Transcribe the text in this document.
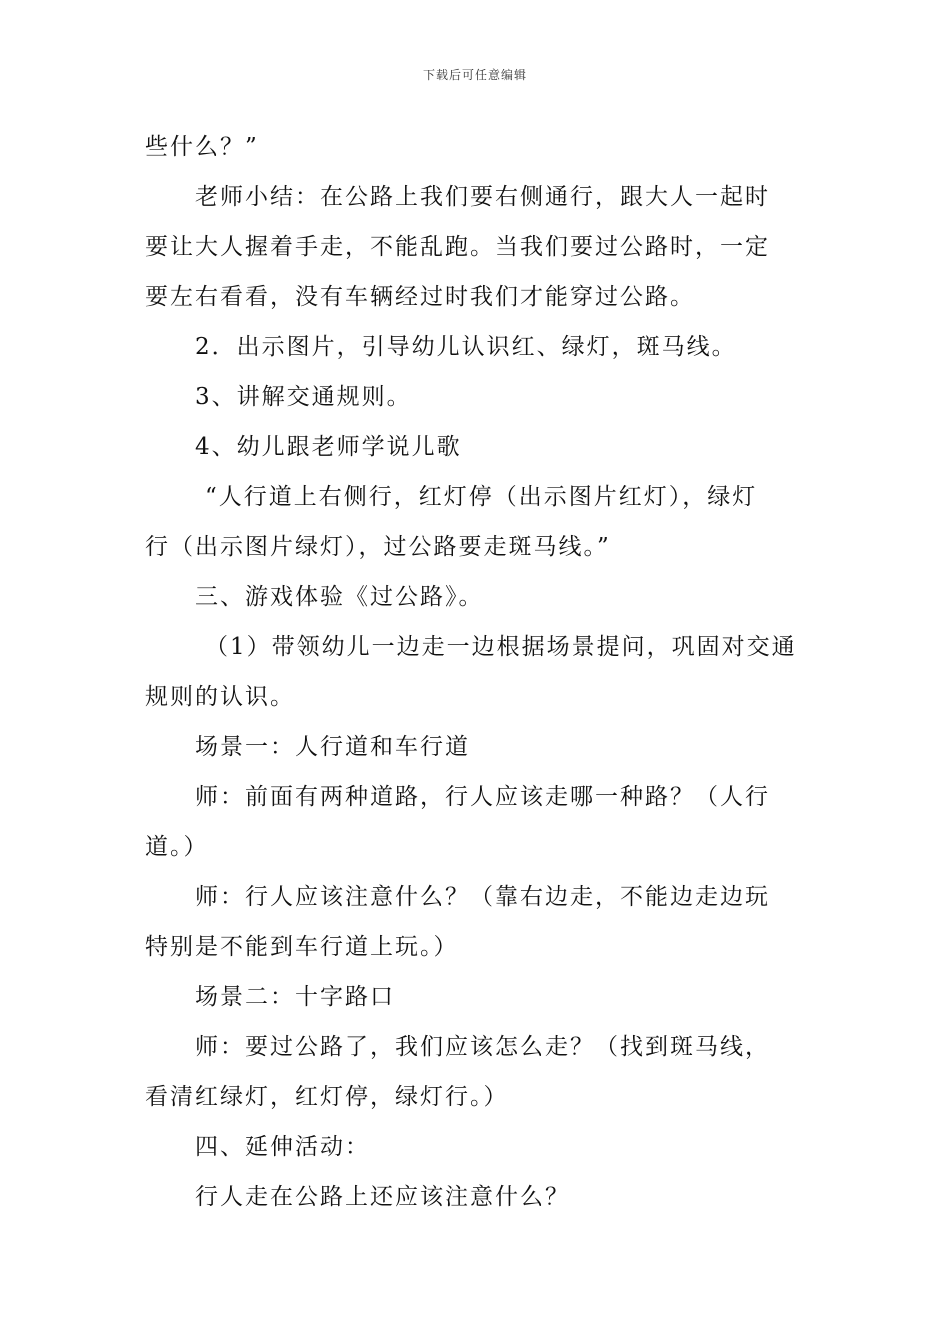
下载后可任意编辑

些什么？”

老师小结：在公路上我们要右侧通行，跟大人一起时
要让大人握着手走，不能乱跑。当我们要过公路时，一定
要左右看看，没有车辆经过时我们才能穿过公路。

2．出示图片，引导幼儿认识红、绿灯，斑马线。

3、讲解交通规则。

4、幼儿跟老师学说儿歌

“人行道上右侧行，红灯停（出示图片红灯），绿灯
行（出示图片绿灯），过公路要走斑马线。”

三、游戏体验《过公路》。

（1）带领幼儿一边走一边根据场景提问，巩固对交通
规则的认识。

场景一：人行道和车行道

师：前面有两种道路，行人应该走哪一种路？（人行
道。）

师：行人应该注意什么？（靠右边走，不能边走边玩
特别是不能到车行道上玩。）

场景二：十字路口

师：要过公路了，我们应该怎么走？（找到斑马线，
看清红绿灯，红灯停，绿灯行。）

四、延伸活动：

行人走在公路上还应该注意什么？
